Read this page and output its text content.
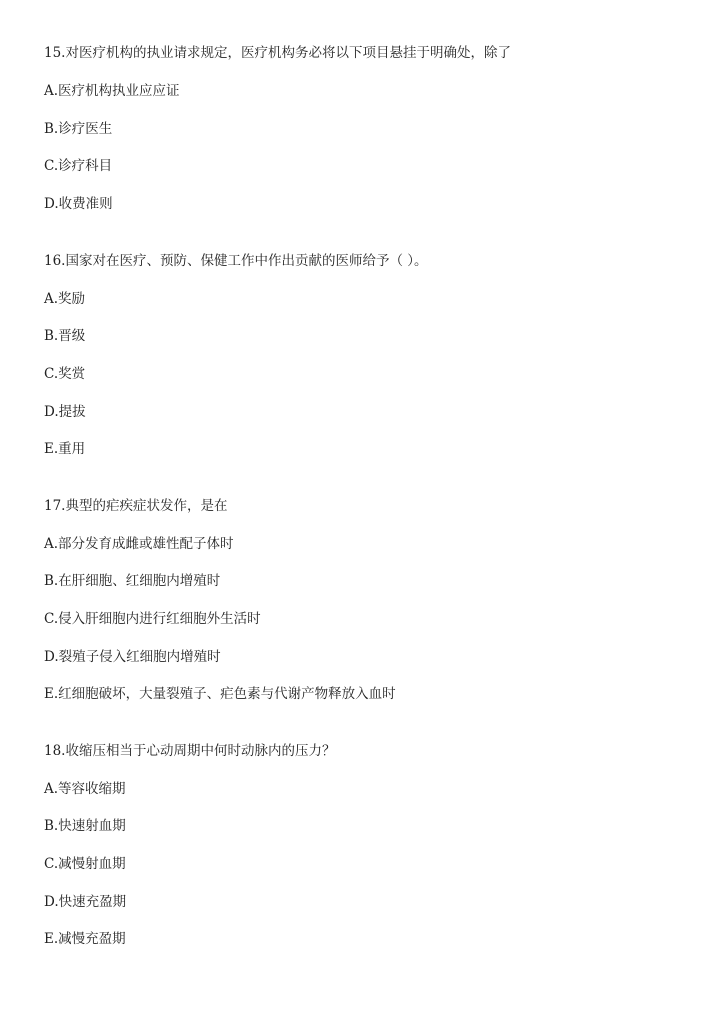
15.对医疗机构的执业请求规定，医疗机构务必将以下项目悬挂于明确处，除了
A.医疗机构执业应应证
B.诊疗医生
C.诊疗科目
D.收费准则
16.国家对在医疗、预防、保健工作中作出贡献的医师给予（ ）。
A.奖励
B.晋级
C.奖赏
D.提拔
E.重用
17.典型的疟疾症状发作，是在
A.部分发育成雌或雄性配子体时
B.在肝细胞、红细胞内增殖时
C.侵入肝细胞内进行红细胞外生活时
D.裂殖子侵入红细胞内增殖时
E.红细胞破坏，大量裂殖子、疟色素与代谢产物释放入血时
18.收缩压相当于心动周期中何时动脉内的压力？
A.等容收缩期
B.快速射血期
C.减慢射血期
D.快速充盈期
E.减慢充盈期
